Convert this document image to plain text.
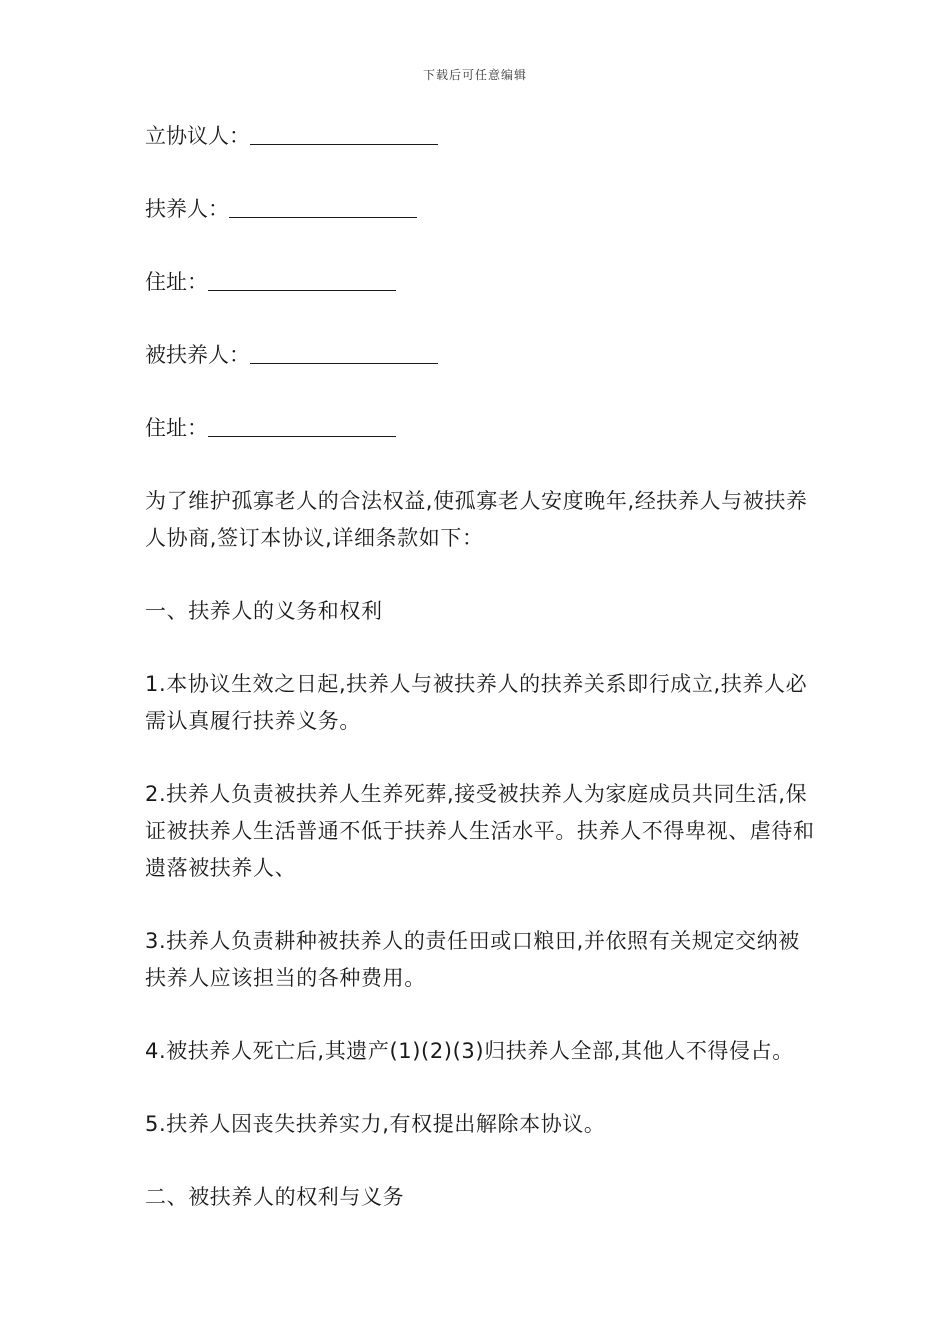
下载后可任意编辑
立协议人：
扶养人：
住址：
被扶养人：
住址：

为了维护孤寡老人的合法权益,使孤寡老人安度晚年,经扶养人与被扶养人协商,签订本协议,详细条款如下：

一、扶养人的义务和权利

1.本协议生效之日起,扶养人与被扶养人的扶养关系即行成立,扶养人必需认真履行扶养义务。

2.扶养人负责被扶养人生养死葬,接受被扶养人为家庭成员共同生活,保证被扶养人生活普通不低于扶养人生活水平。扶养人不得卑视、虐待和遗落被扶养人、

3.扶养人负责耕种被扶养人的责任田或口粮田,并依照有关规定交纳被扶养人应该担当的各种费用。

4.被扶养人死亡后,其遗产(1)(2)(3)归扶养人全部,其他人不得侵占。

5.扶养人因丧失扶养实力,有权提出解除本协议。

二、被扶养人的权利与义务
